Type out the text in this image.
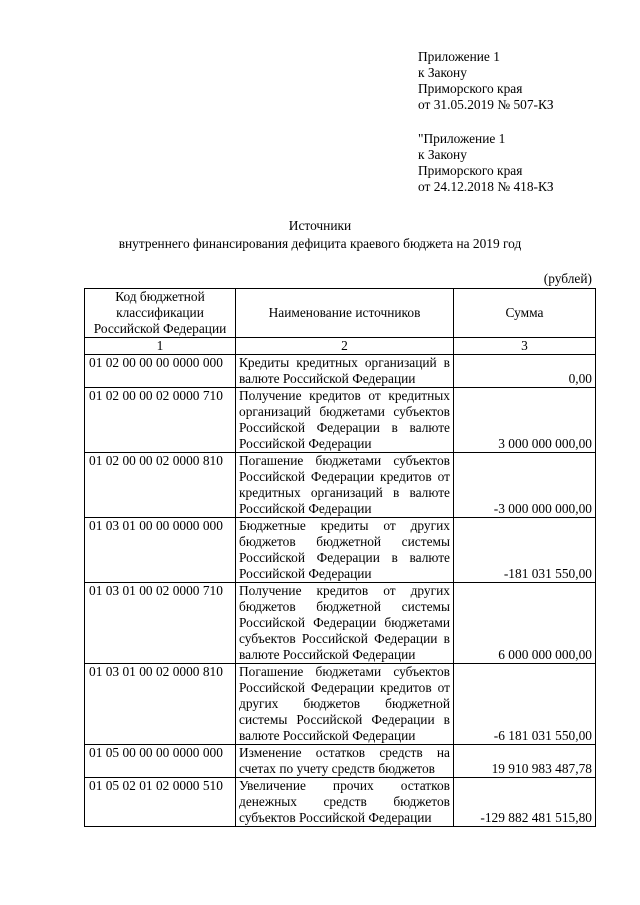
Приложение 1
к Закону
Приморского края
от 31.05.2019 № 507-КЗ
"Приложение 1
к Закону
Приморского края
от 24.12.2018 № 418-КЗ
Источники
внутреннего финансирования дефицита краевого бюджета на 2019 год
(рублей)
Код бюджетной классификации Российской Федерации	Наименование источников	Сумма
1	2	3
01 02 00 00 00 0000 000	Кредиты кредитных организаций в валюте Российской Федерации	0,00
01 02 00 00 02 0000 710	Получение кредитов от кредитных организаций бюджетами субъектов Российской Федерации в валюте Российской Федерации	3 000 000 000,00
01 02 00 00 02 0000 810	Погашение бюджетами субъектов Российской Федерации кредитов от кредитных организаций в валюте Российской Федерации	-3 000 000 000,00
01 03 01 00 00 0000 000	Бюджетные кредиты от других бюджетов бюджетной системы Российской Федерации в валюте Российской Федерации	-181 031 550,00
01 03 01 00 02 0000 710	Получение кредитов от других бюджетов бюджетной системы Российской Федерации бюджетами субъектов Российской Федерации в валюте Российской Федерации	6 000 000 000,00
01 03 01 00 02 0000 810	Погашение бюджетами субъектов Российской Федерации кредитов от других бюджетов бюджетной системы Российской Федерации в валюте Российской Федерации	-6 181 031 550,00
01 05 00 00 00 0000 000	Изменение остатков средств на счетах по учету средств бюджетов	19 910 983 487,78
01 05 02 01 02 0000 510	Увеличение прочих остатков денежных средств бюджетов субъектов Российской Федерации	-129 882 481 515,80
